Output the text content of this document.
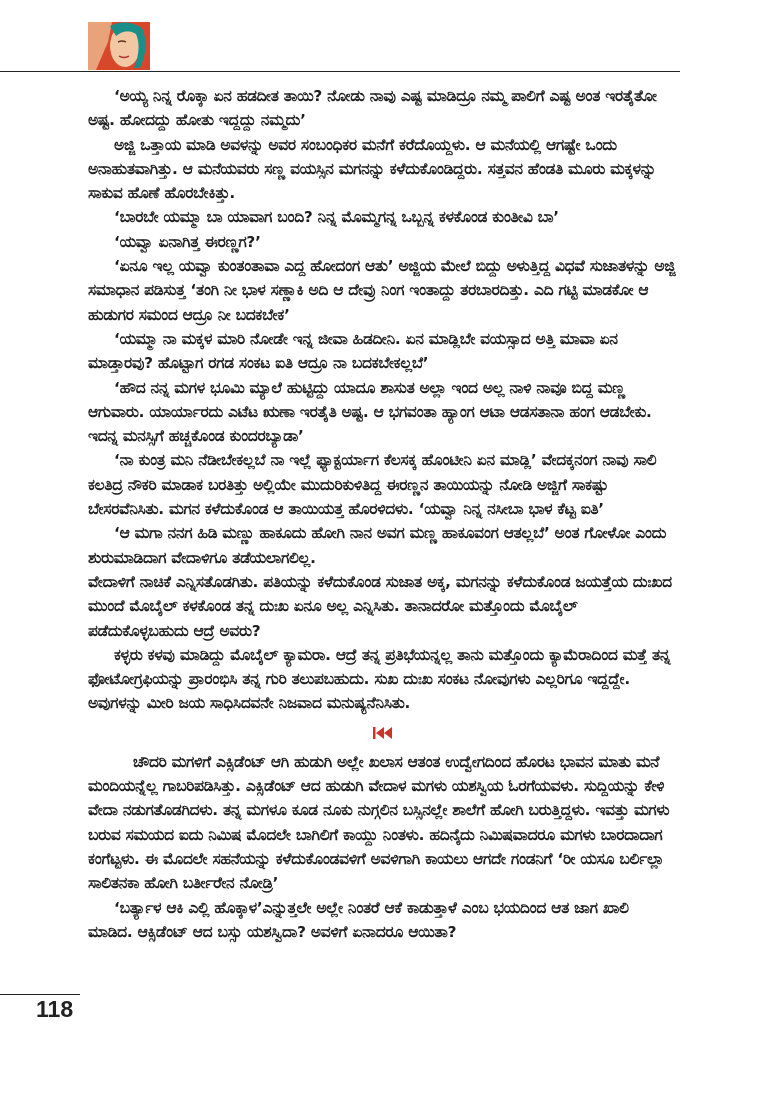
‘ಅಯ್ಯ ನಿನ್ನ ರೊಕ್ಕಾ ಏನ ಹಡದೀತ ತಾಯಿ? ನೋಡು ನಾವು ಎಷ್ಟ ಮಾಡಿದ್ರೂ ನಮ್ಮ ಪಾಲಿಗೆ ಎಷ್ಟ ಅಂತ ಇರತೈತೋ ಅಷ್ಟ. ಹೋದದ್ದು ಹೋತು ಇದ್ದದ್ದು ನಮ್ಮದು’

ಅಜ್ಜಿ ಒತ್ತಾಯ ಮಾಡಿ ಅವಳನ್ನು ಅವರ ಸಂಬಂಧಿಕರ ಮನೆಗೆ ಕರೆದೊಯ್ದಳು. ಆ ಮನೆಯಲ್ಲಿ ಆಗಷ್ಟೇ ಒಂದು ಅನಾಹುತವಾಗಿತ್ತು. ಆ ಮನೆಯವರು ಸಣ್ಣ ವಯಸ್ಸಿನ ಮಗನನ್ನು ಕಳೆದುಕೊಂಡಿದ್ದರು. ಸತ್ತವನ ಹೆಂಡತಿ ಮೂರು ಮಕ್ಕಳನ್ನು ಸಾಕುವ ಹೊಣೆ ಹೊರಬೇಕಿತ್ತು.

‘ಬಾರಬೇ ಯಮ್ಮಾ ಬಾ ಯಾವಾಗ ಬಂದಿ? ನಿನ್ನ ಮೊಮ್ಮಗನ್ನ ಒಬ್ಬನ್ನ ಕಳಕೊಂಡ ಕುಂತೀವಿ ಬಾ’

‘ಯವ್ವಾ ಏನಾಗಿತ್ತ ಈರಣ್ಣಗ?’

‘ಏನೂ ಇಲ್ಲ ಯವ್ವಾ ಕುಂತಂತಾವಾ ಎದ್ದ ಹೋದಂಗ ಆತು’ ಅಜ್ಜಿಯ ಮೇಲೆ ಬಿದ್ದು ಅಳುತ್ತಿದ್ದ ವಿಧವೆ ಸುಜಾತಳನ್ನು ಅಜ್ಜಿ ಸಮಾಧಾನ ಪಡಿಸುತ್ತ ‘ತಂಗಿ ನೀ ಭಾಳ ಸಣ್ಣಾಕಿ ಅದಿ ಆ ದೇವ್ರು ನಿಂಗ ಇಂತಾದ್ದು ತರಬಾರದಿತ್ತು. ಎದಿ ಗಟ್ಟಿ ಮಾಡಕೋ ಆ ಹುಡುಗರ ಸಮಂದ ಆದ್ರೂ ನೀ ಬದಕಬೇಕ’

‘ಯಮ್ಮಾ ನಾ ಮಕ್ಕಳ ಮಾರಿ ನೋಡೇ ಇನ್ನ ಜೀವಾ ಹಿಡದೀನಿ. ಏನ ಮಾಡ್ಲಿಬೇ ವಯಸ್ಸಾದ ಅತ್ತಿ ಮಾವಾ ಏನ ಮಾಡ್ತಾರವು? ಹೊಟ್ಟಾಗ ರಗಡ ಸಂಕಟ ಐತಿ ಆದ್ರೂ ನಾ ಬದಕಬೇಕಲ್ಲಬೆ’

‘ಹೌದ ನನ್ನ ಮಗಳ ಭೂಮಿ ಮ್ಯಾಲೆ ಹುಟ್ಟಿದ್ದು ಯಾದೂ ಶಾಸುತ ಅಲ್ಲಾ ಇಂದ ಅಲ್ಲ ನಾಳಿ ನಾವೂ ಬಿದ್ದ ಮಣ್ಣ ಆಗುವಾರು. ಯಾರ್ಯಾರದು ಎಟೆಟ ಋಣಾ ಇರತೈತಿ ಅಷ್ಟ. ಆ ಭಗವಂತಾ ಹ್ಯಾಂಗ ಆಟಾ ಆಡಸತಾನಾ ಹಂಗ ಆಡಬೇಕು. ಇದನ್ನ ಮನಸ್ಸಿಗೆ ಹಚ್ಚಕೊಂಡ ಕುಂದರಬ್ಯಾಡಾ’

‘ನಾ ಕುಂತ್ರ ಮನಿ ನೆಡೀಬೇಕಲ್ಲಬೆ ನಾ ಇಲ್ಲೆ ಫ್ಯಾಕ್ಟರ್ಯಾಗ ಕೆಲಸಕ್ಕ ಹೊಂಟೀನಿ ಏನ ಮಾಡ್ಲಿ’ ವೇದಕ್ಕನಂಗ ನಾವು ಸಾಲಿ ಕಲತಿದ್ರ ನೌಕರಿ ಮಾಡಾಕ ಬರತಿತ್ತು ಅಲ್ಲಿಯೇ ಮುದುರಿಕುಳಿತಿದ್ದ ಈರಣ್ಣನ ತಾಯಿಯನ್ನು ನೋಡಿ ಅಜ್ಜಿಗೆ ಸಾಕಷ್ಟು ಬೇಸರವೆನಿಸಿತು. ಮಗನ ಕಳೆದುಕೊಂಡ ಆ ತಾಯಿಯತ್ತ ಹೊರಳಿದಳು. ‘ಯವ್ವಾ ನಿನ್ನ ನಸೀಬಾ ಭಾಳ ಕೆಟ್ಟ ಐತಿ’

‘ಆ ಮಗಾ ನನಗ ಹಿಡಿ ಮಣ್ಣು ಹಾಕೂದು ಹೋಗಿ ನಾನ ಅವಗ ಮಣ್ಣ ಹಾಕೂವಂಗ ಆತಲ್ಲಬೆ’ ಅಂತ ಗೋಳೋ ಎಂದು ಶುರುಮಾಡಿದಾಗ ವೇದಾಳಿಗೂ ತಡೆಯಲಾಗಲಿಲ್ಲ.

ವೇದಾಳಿಗೆ ನಾಚಿಕೆ ಎನ್ನಿಸತೊಡಗಿತು. ಪತಿಯನ್ನು ಕಳೆದುಕೊಂಡ ಸುಜಾತ ಅಕ್ಕ, ಮಗನನ್ನು ಕಳೆದುಕೊಂಡ ಜಯತ್ತೆಯ ದುಃಖದ ಮುಂದೆ ಮೊಬೈಲ್ ಕಳಕೊಂಡ ತನ್ನ ದುಃಖ ಏನೂ ಅಲ್ಲ ಎನ್ನಿಸಿತು. ತಾನಾದರೋ ಮತ್ತೊಂದು ಮೊಬೈಲ್ ಪಡೆದುಕೊಳ್ಳಬಹುದು ಆದ್ರೆ ಅವರು?

ಕಳ್ಳರು ಕಳವು ಮಾಡಿದ್ದು ಮೊಬೈಲ್ ಕ್ಯಾಮರಾ. ಆದ್ರೆ ತನ್ನ ಪ್ರತಿಭೆಯನ್ನಲ್ಲ ತಾನು ಮತ್ತೊಂದು ಕ್ಯಾಮೆರಾದಿಂದ ಮತ್ತೆ ತನ್ನ ಫೋಟೋಗ್ರಫಿಯನ್ನು ಪ್ರಾರಂಭಿಸಿ ತನ್ನ ಗುರಿ ತಲುಪಬಹುದು. ಸುಖ ದುಃಖ ಸಂಕಟ ನೋವುಗಳು ಎಲ್ಲರಿಗೂ ಇದ್ದದ್ದೇ. ಅವುಗಳನ್ನು ಮೀರಿ ಜಯ ಸಾಧಿಸಿದವನೇ ನಿಜವಾದ ಮನುಷ್ಯನೆನಿಸಿತು.

ಚೌದರಿ ಮಗಳಿಗೆ ಎಕ್ಸಿಡೆಂಟ್ ಆಗಿ ಹುಡುಗಿ ಅಲ್ಲೇ ಖಲಾಸ ಆತಂತ ಉದ್ವೇಗದಿಂದ ಹೊರಟ ಭಾವನ ಮಾತು ಮನೆ ಮಂದಿಯನ್ನೆಲ್ಲ ಗಾಬರಿಪಡಿಸಿತ್ತು. ಎಕ್ಸಿಡೆಂಟ್ ಆದ ಹುಡುಗಿ ವೇದಾಳ ಮಗಳು ಯಶಸ್ವಿಯ ಓರಗೆಯವಳು. ಸುದ್ದಿಯನ್ನು ಕೇಳಿ ವೇದಾ ನಡುಗತೊಡಗಿದಳು. ತನ್ನ ಮಗಳೂ ಕೂಡ ನೂಕು ನುಗ್ಗಲಿನ ಬಸ್ಸಿನಲ್ಲೇ ಶಾಲೆಗೆ ಹೋಗಿ ಬರುತ್ತಿದ್ದಳು. ಇವತ್ತು ಮಗಳು ಬರುವ ಸಮಯದ ಐದು ನಿಮಿಷ ಮೊದಲೇ ಬಾಗಿಲಿಗೆ ಕಾಯ್ದು ನಿಂತಳು. ಹದಿನೈದು ನಿಮಿಷವಾದರೂ ಮಗಳು ಬಾರದಾದಾಗ ಕಂಗೆಟ್ಟಳು. ಈ ಮೊದಲೇ ಸಹನೆಯನ್ನು ಕಳೆದುಕೊಂಡವಳಿಗೆ ಅವಳಿಗಾಗಿ ಕಾಯಲು ಆಗದೇ ಗಂಡನಿಗೆ ‘ರೀ ಯಸೂ ಬರ್ಲಿಲ್ಲಾ ಸಾಲಿತನಕಾ ಹೋಗಿ ಬರ್ತೀರೇನ ನೋಡ್ರಿ’

‘ಬರ್ತ್ಯಾಳ ಆಕಿ ಎಲ್ಲಿ ಹೊಕ್ಕಾಳ’ಎನ್ನುತ್ತಲೇ ಅಲ್ಲೇ ನಿಂತರೆ ಆಕೆ ಕಾಡುತ್ತಾಳೆ ಎಂಬ ಭಯದಿಂದ ಆತ ಜಾಗ ಖಾಲಿ ಮಾಡಿದ. ಆಕ್ಸಿಡೆಂಟ್ ಆದ ಬಸ್ಸು ಯಶಸ್ವಿದಾ? ಅವಳಿಗೆ ಏನಾದರೂ ಆಯಿತಾ?

118
